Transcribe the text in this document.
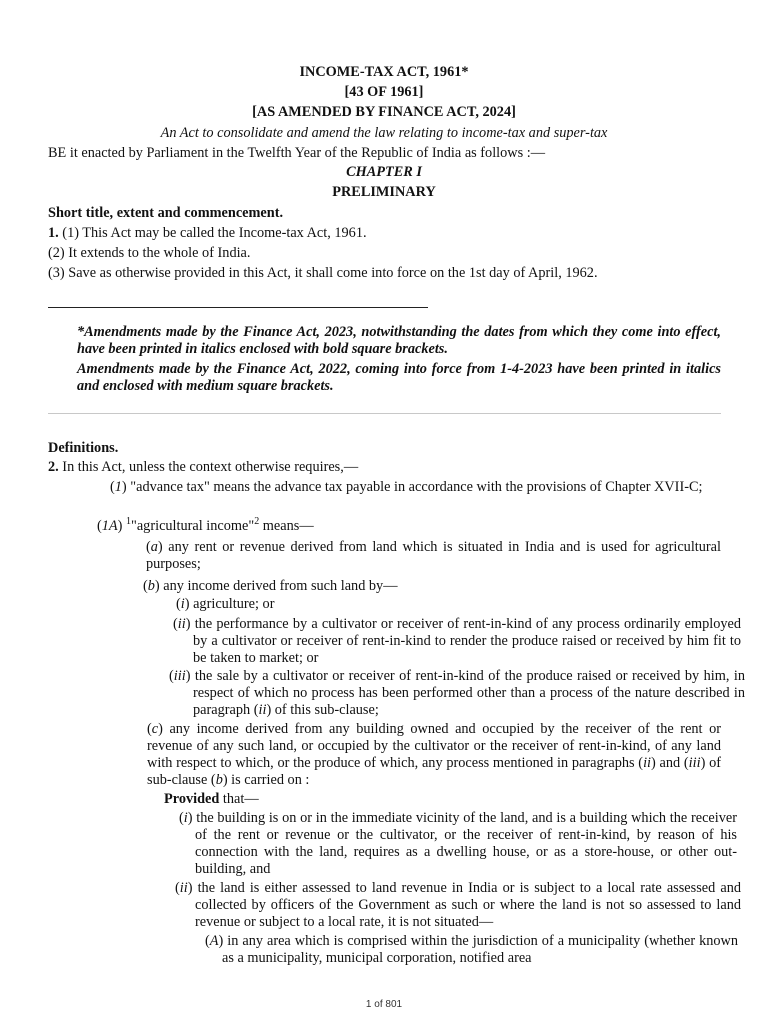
INCOME-TAX ACT, 1961*
[43 OF 1961]
[AS AMENDED BY FINANCE ACT, 2024]
An Act to consolidate and amend the law relating to income-tax and super-tax
BE it enacted by Parliament in the Twelfth Year of the Republic of India as follows :—
CHAPTER I
PRELIMINARY
Short title, extent and commencement.
1. (1) This Act may be called the Income-tax Act, 1961.
(2) It extends to the whole of India.
(3) Save as otherwise provided in this Act, it shall come into force on the 1st day of April, 1962.
*Amendments made by the Finance Act, 2023, notwithstanding the dates from which they come into effect, have been printed in italics enclosed with bold square brackets.
Amendments made by the Finance Act, 2022, coming into force from 1-4-2023 have been printed in italics and enclosed with medium square brackets.
Definitions.
2. In this Act, unless the context otherwise requires,—
(1) "advance tax" means the advance tax payable in accordance with the provisions of Chapter XVII-C;
(1A) $^1$"agricultural income"$^2$ means—
(a) any rent or revenue derived from land which is situated in India and is used for agricultural purposes;
(b) any income derived from such land by—
(i) agriculture; or
(ii) the performance by a cultivator or receiver of rent-in-kind of any process ordinarily employed by a cultivator or receiver of rent-in-kind to render the produce raised or received by him fit to be taken to market; or
(iii) the sale by a cultivator or receiver of rent-in-kind of the produce raised or received by him, in respect of which no process has been performed other than a process of the nature described in paragraph (ii) of this sub-clause;
(c) any income derived from any building owned and occupied by the receiver of the rent or revenue of any such land, or occupied by the cultivator or the receiver of rent-in-kind, of any land with respect to which, or the produce of which, any process mentioned in paragraphs (ii) and (iii) of sub-clause (b) is carried on :
Provided that—
(i) the building is on or in the immediate vicinity of the land, and is a building which the receiver of the rent or revenue or the cultivator, or the receiver of rent-in-kind, by reason of his connection with the land, requires as a dwelling house, or as a store-house, or other out-building, and
(ii) the land is either assessed to land revenue in India or is subject to a local rate assessed and collected by officers of the Government as such or where the land is not so assessed to land revenue or subject to a local rate, it is not situated—
(A) in any area which is comprised within the jurisdiction of a municipality (whether known as a municipality, municipal corporation, notified area
1 of 801
